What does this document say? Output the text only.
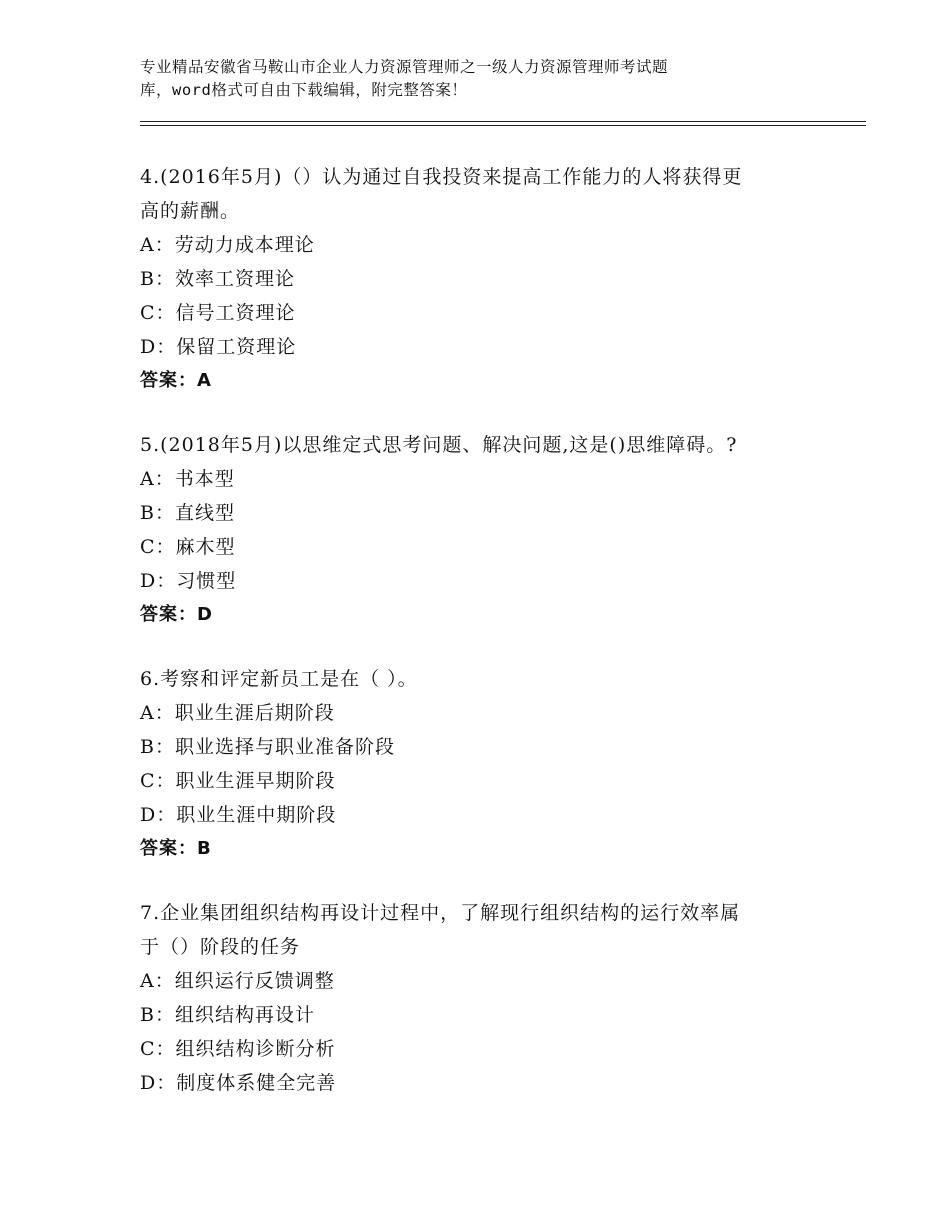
专业精品安徽省马鞍山市企业人力资源管理师之一级人力资源管理师考试题
库，word格式可自由下载编辑，附完整答案！
4.(2016年5月)（）认为通过自我投资来提高工作能力的人将获得更
高的薪酬。
A：劳动力成本理论
B：效率工资理论
C：信号工资理论
D：保留工资理论
答案：A
5.(2018年5月)以思维定式思考问题、解决问题,这是()思维障碍。?
A：书本型
B：直线型
C：麻木型
D：习惯型
答案：D
6.考察和评定新员工是在（ ）。
A：职业生涯后期阶段
B：职业选择与职业准备阶段
C：职业生涯早期阶段
D：职业生涯中期阶段
答案：B
7.企业集团组织结构再设计过程中，了解现行组织结构的运行效率属
于（）阶段的任务
A：组织运行反馈调整
B：组织结构再设计
C：组织结构诊断分析
D：制度体系健全完善
